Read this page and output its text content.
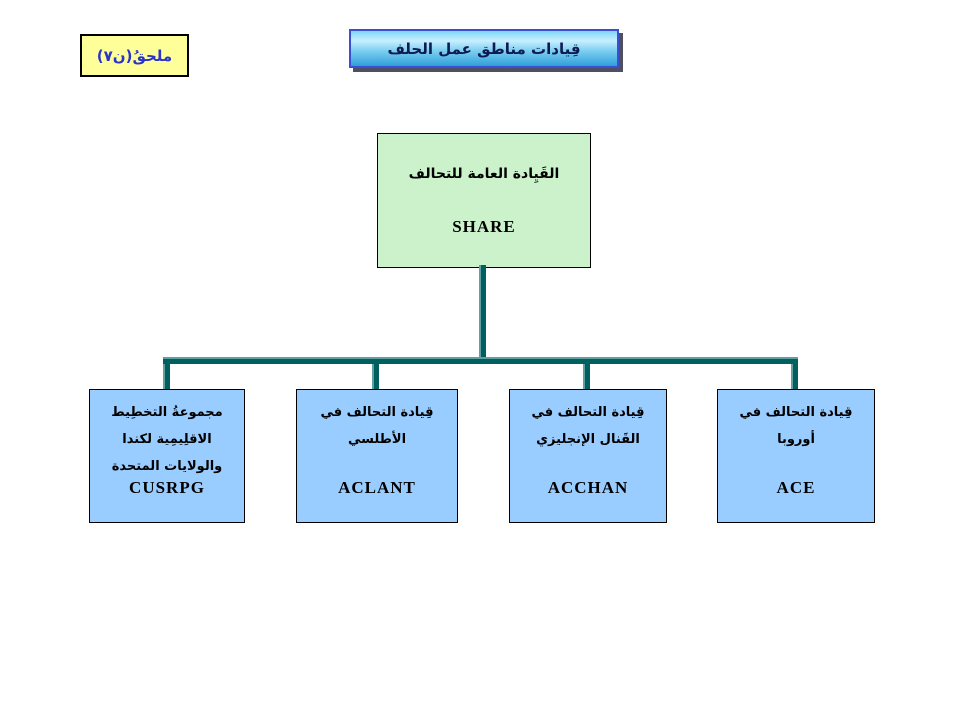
ملحقُ(ن٧)	قِيادات مناطق عمل الحلف
القَيِادة العامة للتحالف
SHARE
مجموعةُ التخطِيط
الاقلِيمِية لكندا
والولايات المتحدة
CUSRPG
قِيادة التحالف في
الأطلسي
ACLANT
قِيادة التحالف في
القَنال الإنجليزي
ACCHAN
قِيادة التحالف في
أوروبا
ACE
